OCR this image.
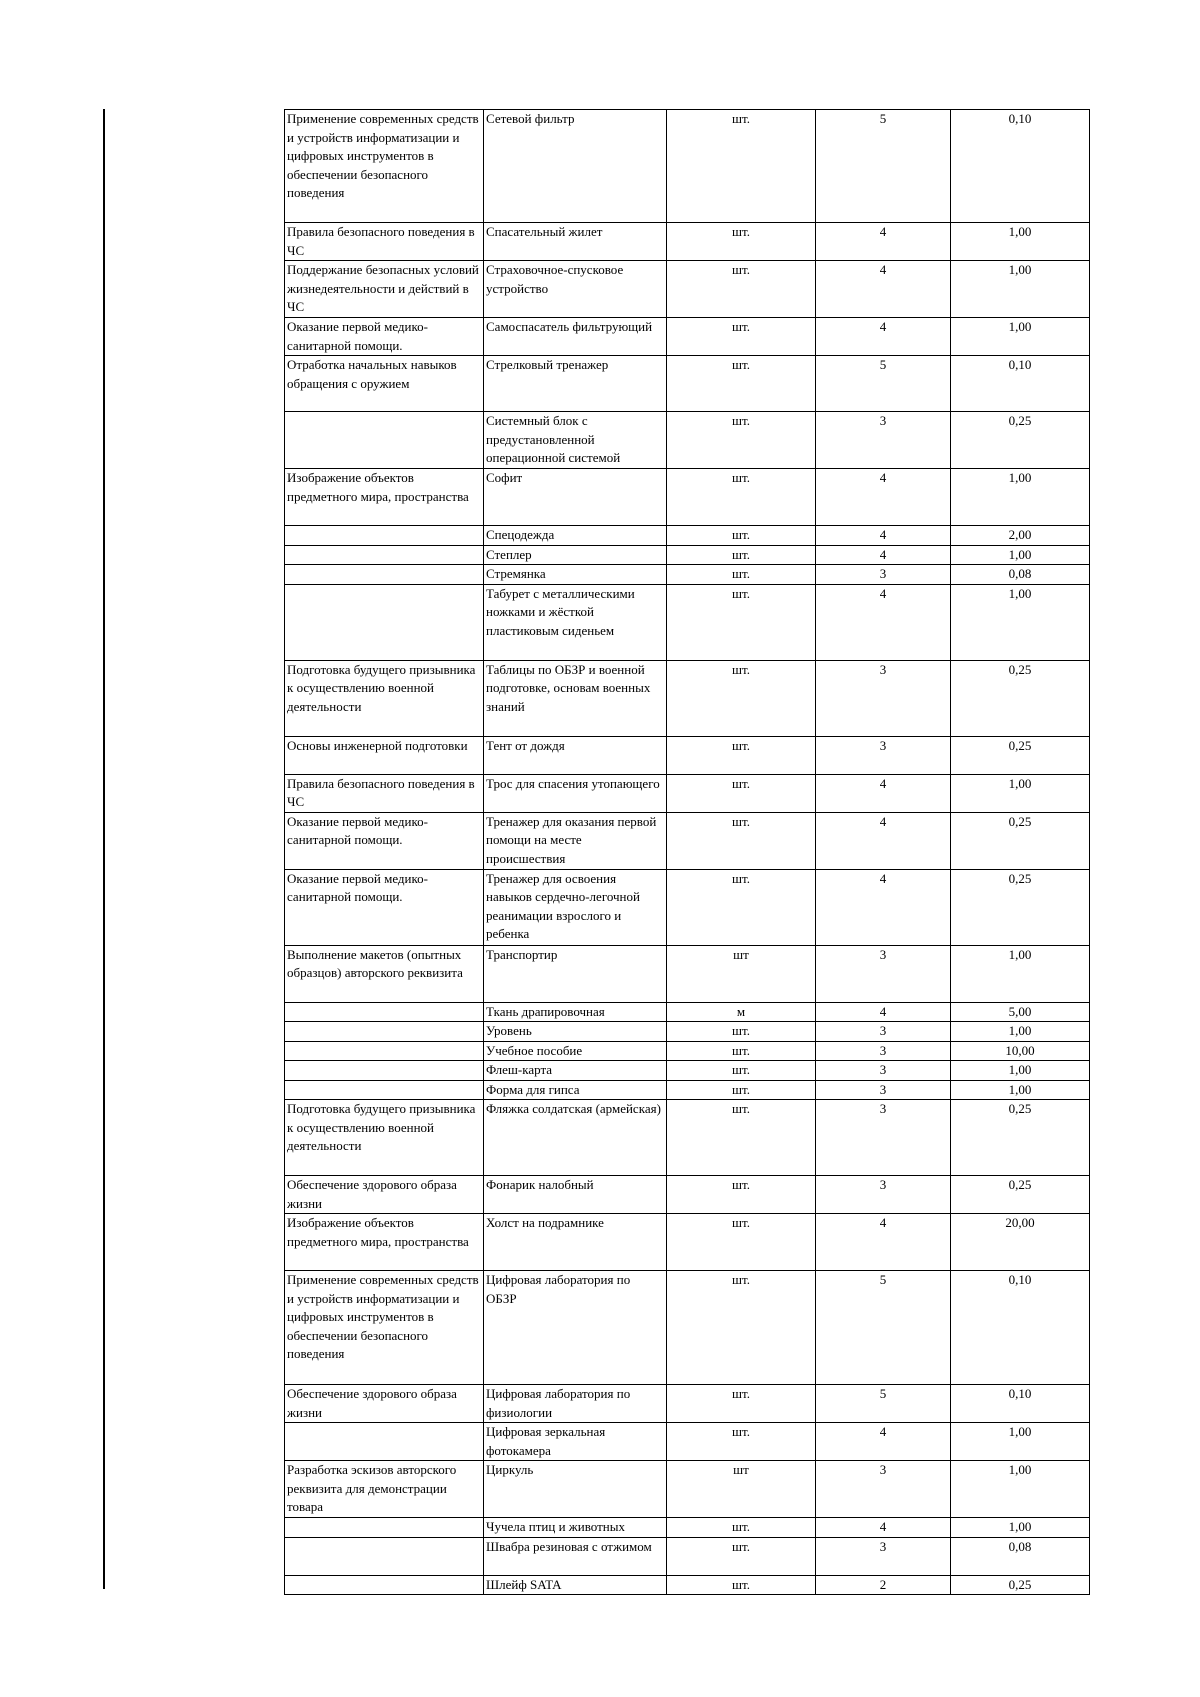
Применение современных средств и устройств информатизации и цифровых инструментов в обеспечении безопасного поведения	Сетевой фильтр	шт.	5	0,10
Правила безопасного поведения в ЧС	Спасательный жилет	шт.	4	1,00
Поддержание безопасных условий жизнедеятельности и действий в ЧС	Страховочное-спусковое устройство	шт.	4	1,00
Оказание первой медико-санитарной помощи.	Самоспасатель фильтрующий	шт.	4	1,00
Отработка начальных навыков обращения с оружием	Стрелковый тренажер	шт.	5	0,10
	Системный блок с предустановленной операционной системой	шт.	3	0,25
Изображение объектов предметного мира, пространства	Софит	шт.	4	1,00
	Спецодежда	шт.	4	2,00
	Степлер	шт.	4	1,00
	Стремянка	шт.	3	0,08
	Табурет с металлическими ножками и жёсткой пластиковым сиденьем	шт.	4	1,00
Подготовка будущего призывника к осуществлению военной деятельности	Таблицы по ОБЗР и военной подготовке, основам военных знаний	шт.	3	0,25
Основы инженерной подготовки	Тент от дождя	шт.	3	0,25
Правила безопасного поведения в ЧС	Трос для спасения утопающего	шт.	4	1,00
Оказание первой медико-санитарной помощи.	Тренажер для оказания первой помощи на месте происшествия	шт.	4	0,25
Оказание первой медико-санитарной помощи.	Тренажер для освоения навыков сердечно-легочной реанимации взрослого и ребенка	шт.	4	0,25
Выполнение макетов (опытных образцов) авторского реквизита	Транспортир	шт	3	1,00
	Ткань драпировочная	м	4	5,00
	Уровень	шт.	3	1,00
	Учебное пособие	шт.	3	10,00
	Флеш-карта	шт.	3	1,00
	Форма для гипса	шт.	3	1,00
Подготовка будущего призывника к осуществлению военной деятельности	Фляжка солдатская (армейская)	шт.	3	0,25
Обеспечение здорового образа жизни	Фонарик налобный	шт.	3	0,25
Изображение объектов предметного мира, пространства	Холст на подрамнике	шт.	4	20,00
Применение современных средств и устройств информатизации и цифровых инструментов в обеспечении безопасного поведения	Цифровая лаборатория по ОБЗР	шт.	5	0,10
Обеспечение здорового образа жизни	Цифровая лаборатория по физиологии	шт.	5	0,10
	Цифровая зеркальная фотокамера	шт.	4	1,00
Разработка эскизов авторского реквизита для демонстрации товара	Циркуль	шт	3	1,00
	Чучела птиц и животных	шт.	4	1,00
	Швабра резиновая с отжимом	шт.	3	0,08
	Шлейф SATA	шт.	2	0,25
